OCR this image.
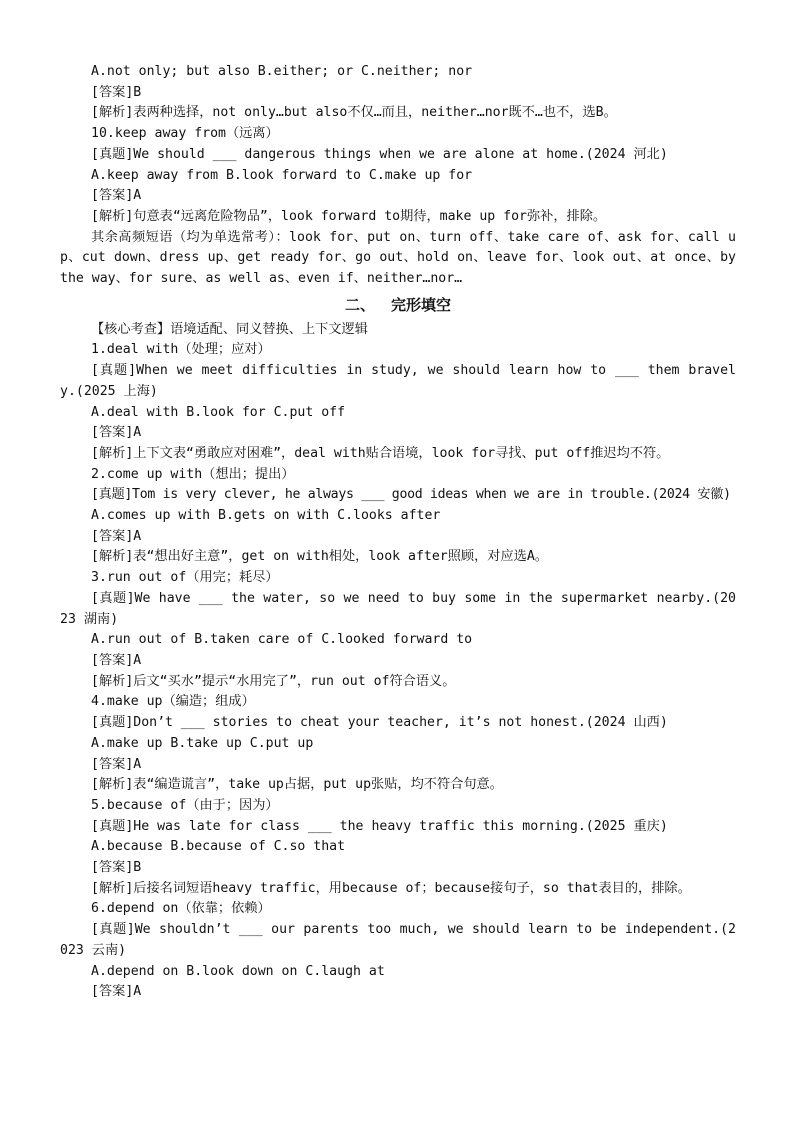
A.not only; but also B.either; or C.neither; nor

[答案]B

[解析]表两种选择，not only…but also不仅…而且，neither…nor既不…也不，选B。

10.keep away from（远离）

[真题]We should ___ dangerous things when we are alone at home.(2024 河北)

A.keep away from B.look forward to C.make up for

[答案]A

[解析]句意表“远离危险物品”，look forward to期待，make up for弥补，排除。

其余高频短语（均为单选常考）：look for、put on、turn off、take care of、ask for、call up、cut down、dress up、get ready for、go out、hold on、leave for、look out、at once、by the way、for sure、as well as、even if、neither…nor…

二、 完形填空

【核心考查】语境适配、同义替换、上下文逻辑

1.deal with（处理；应对）

[真题]When we meet difficulties in study, we should learn how to ___ them bravely.(2025 上海)

A.deal with B.look for C.put off

[答案]A

[解析]上下文表“勇敢应对困难”，deal with贴合语境，look for寻找、put off推迟均不符。

2.come up with（想出；提出）

[真题]Tom is very clever, he always ___ good ideas when we are in trouble.(2024 安徽)

A.comes up with B.gets on with C.looks after

[答案]A

[解析]表“想出好主意”，get on with相处，look after照顾，对应选A。

3.run out of（用完；耗尽）

[真题]We have ___ the water, so we need to buy some in the supermarket nearby.(2023 湖南)

A.run out of B.taken care of C.looked forward to

[答案]A

[解析]后文“买水”提示“水用完了”，run out of符合语义。

4.make up（编造；组成）

[真题]Don’t ___ stories to cheat your teacher, it’s not honest.(2024 山西)

A.make up B.take up C.put up

[答案]A

[解析]表“编造谎言”，take up占据，put up张贴，均不符合句意。

5.because of（由于；因为）

[真题]He was late for class ___ the heavy traffic this morning.(2025 重庆)

A.because B.because of C.so that

[答案]B

[解析]后接名词短语heavy traffic，用because of；because接句子，so that表目的，排除。

6.depend on（依靠；依赖）

[真题]We shouldn’t ___ our parents too much, we should learn to be independent.(2023 云南)

A.depend on B.look down on C.laugh at

[答案]A
